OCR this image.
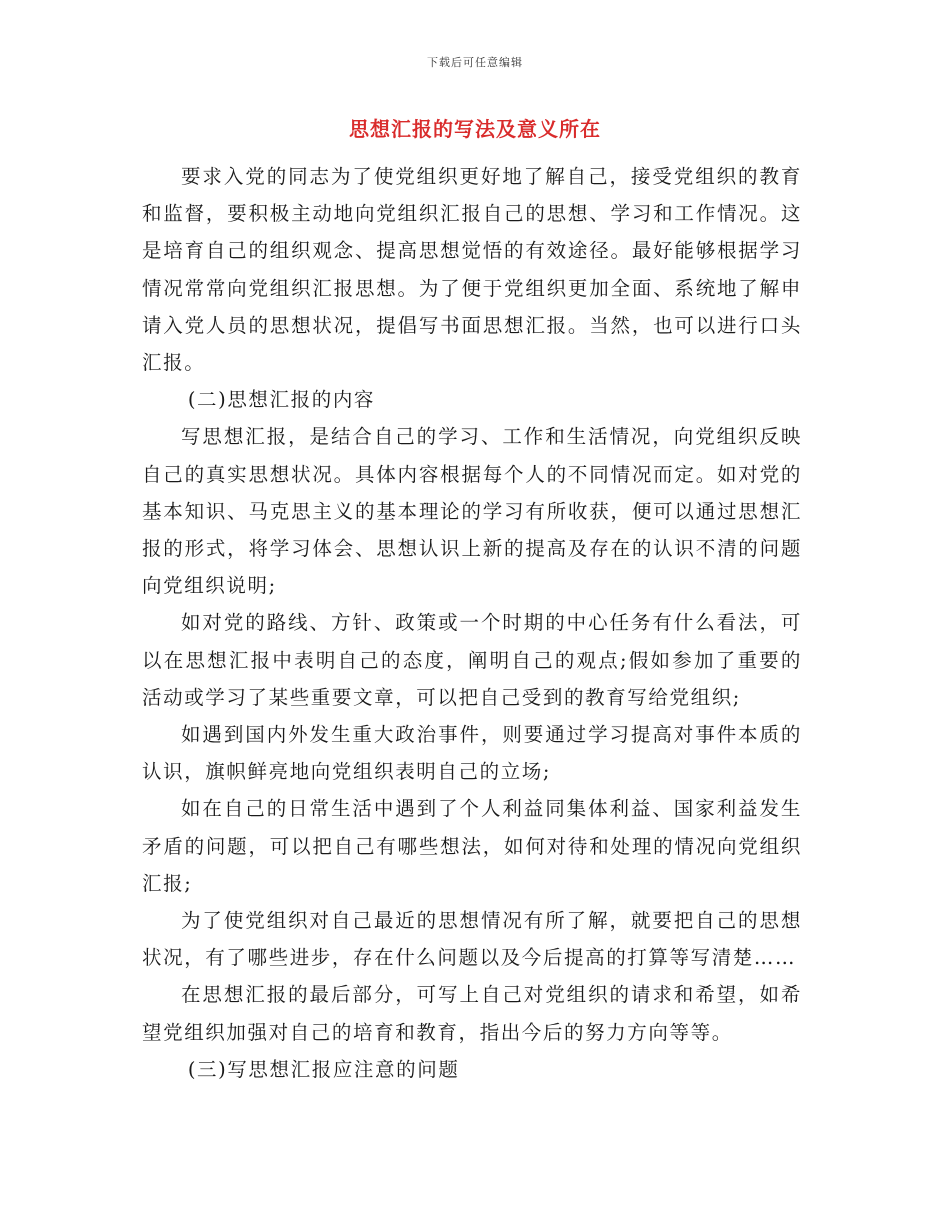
下载后可任意编辑
思想汇报的写法及意义所在

要求入党的同志为了使党组织更好地了解自己，接受党组织的教育和监督，要积极主动地向党组织汇报自己的思想、学习和工作情况。这是培育自己的组织观念、提高思想觉悟的有效途径。最好能够根据学习情况常常向党组织汇报思想。为了便于党组织更加全面、系统地了解申请入党人员的思想状况，提倡写书面思想汇报。当然，也可以进行口头汇报。

(二)思想汇报的内容

写思想汇报，是结合自己的学习、工作和生活情况，向党组织反映自己的真实思想状况。具体内容根据每个人的不同情况而定。如对党的基本知识、马克思主义的基本理论的学习有所收获，便可以通过思想汇报的形式，将学习体会、思想认识上新的提高及存在的认识不清的问题向党组织说明;

如对党的路线、方针、政策或一个时期的中心任务有什么看法，可以在思想汇报中表明自己的态度，阐明自己的观点;假如参加了重要的活动或学习了某些重要文章，可以把自己受到的教育写给党组织;

如遇到国内外发生重大政治事件，则要通过学习提高对事件本质的认识，旗帜鲜亮地向党组织表明自己的立场;

如在自己的日常生活中遇到了个人利益同集体利益、国家利益发生矛盾的问题，可以把自己有哪些想法，如何对待和处理的情况向党组织汇报;

为了使党组织对自己最近的思想情况有所了解，就要把自己的思想状况，有了哪些进步，存在什么问题以及今后提高的打算等写清楚……

在思想汇报的最后部分，可写上自己对党组织的请求和希望，如希望党组织加强对自己的培育和教育，指出今后的努力方向等等。

(三)写思想汇报应注意的问题
